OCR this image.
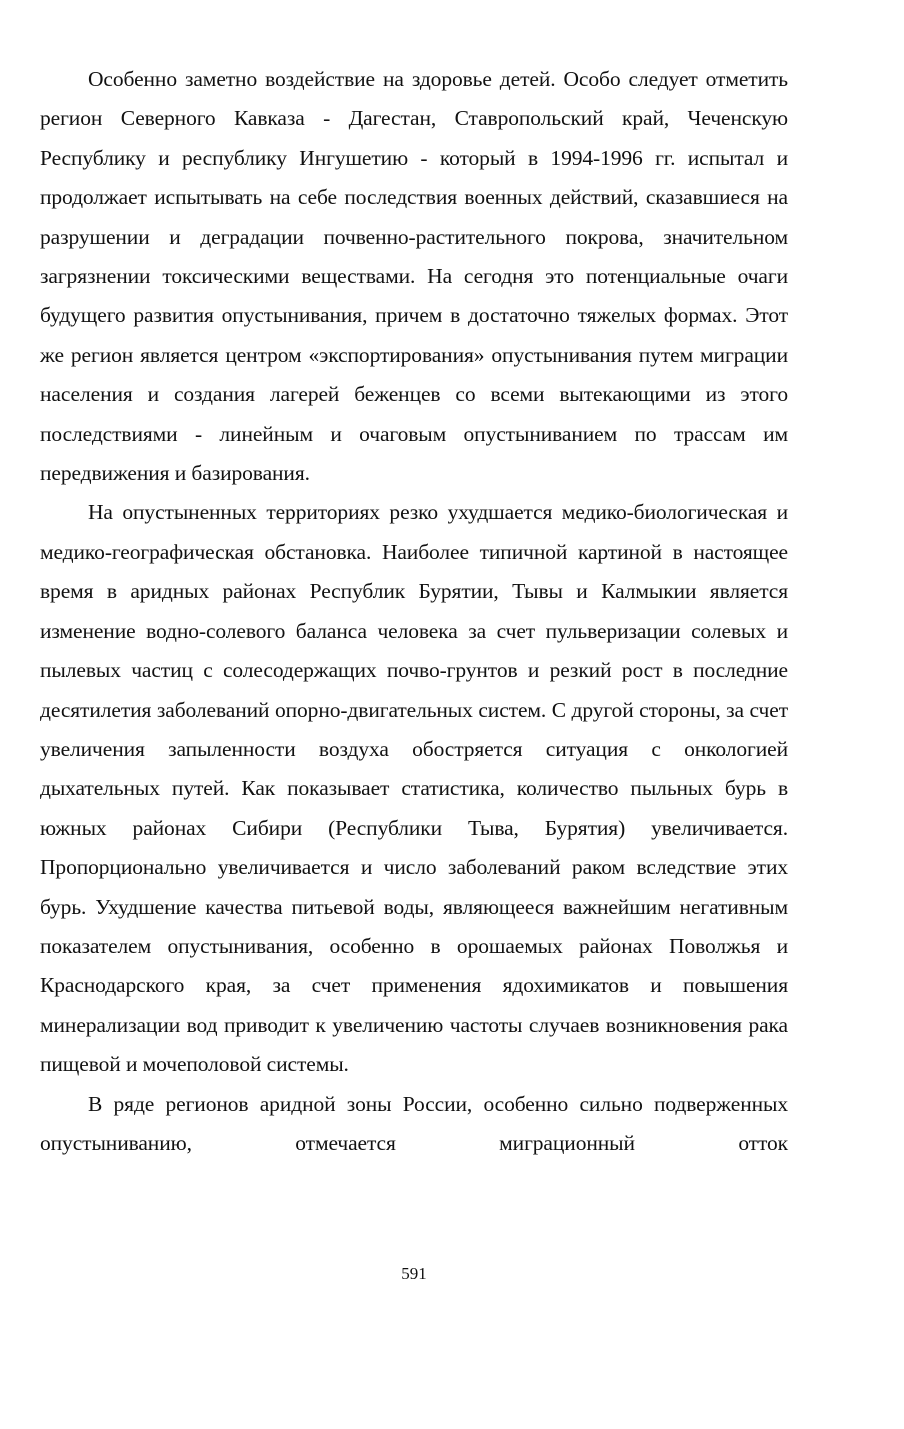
Особенно заметно воздействие на здоровье детей. Особо следует отметить регион Северного Кавказа - Дагестан, Ставропольский край, Чеченскую Республику и республику Ингушетию - который в 1994-1996 гг. испытал и продолжает испытывать на себе последствия военных действий, сказавшиеся на разрушении и деградации почвенно-растительного покрова, значительном загрязнении токсическими веществами. На сегодня это потенциальные очаги будущего развития опустынивания, причем в достаточно тяжелых формах. Этот же регион является центром «экспортирования» опустынивания путем миграции населения и создания лагерей беженцев со всеми вытекающими из этого последствиями - линейным и очаговым опустыниванием по трассам им передвижения и базирования.

На опустыненных территориях резко ухудшается медико-биологическая и медико-географическая обстановка. Наиболее типичной картиной в настоящее время в аридных районах Республик Бурятии, Тывы и Калмыкии является изменение водно-солевого баланса человека за счет пульверизации солевых и пылевых частиц с солесодержащих почво-грунтов и резкий рост в последние десятилетия заболеваний опорно-двигательных систем. С другой стороны, за счет увеличения запыленности воздуха обостряется ситуация с онкологией дыхательных путей. Как показывает статистика, количество пыльных бурь в южных районах Сибири (Республики Тыва, Бурятия) увеличивается. Пропорционально увеличивается и число заболеваний раком вследствие этих бурь. Ухудшение качества питьевой воды, являющееся важнейшим негативным показателем опустынивания, особенно в орошаемых районах Поволжья и Краснодарского края, за счет применения ядохимикатов и повышения минерализации вод приводит к увеличению частоты случаев возникновения рака пищевой и мочеполовой системы.

В ряде регионов аридной зоны России, особенно сильно подверженных опустыниванию, отмечается миграционный отток

591
